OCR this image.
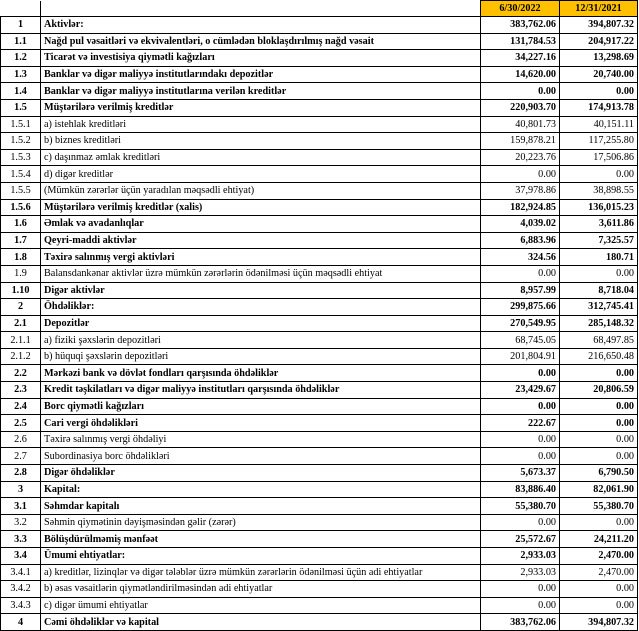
		6/30/2022	12/31/2021
1	Aktivlər:	383,762.06	394,807.32
1.1	Nağd pul vəsaitləri və ekvivalentləri, o cümlədən bloklaşdırılmış nağd vəsait	131,784.53	204,917.22
1.2	Ticarət və investisiya qiymətli kağızları	34,227.16	13,298.69
1.3	Banklar və digər maliyyə institutlarındakı depozitlər	14,620.00	20,740.00
1.4	Banklar və digər maliyyə institutlarına verilən kreditlər	0.00	0.00
1.5	Müştərilərə verilmiş kreditlər	220,903.70	174,913.78
1.5.1	a) istehlak kreditləri	40,801.73	40,151.11
1.5.2	b) biznes kreditləri	159,878.21	117,255.80
1.5.3	c) daşınmaz əmlak kreditləri	20,223.76	17,506.86
1.5.4	d) digər kreditlər	0.00	0.00
1.5.5	(Mümkün zərərlər üçün yaradılan məqsədli ehtiyat)	37,978.86	38,898.55
1.5.6	Müştərilərə verilmiş kreditlər (xalis)	182,924.85	136,015.23
1.6	Əmlak və avadanlıqlar	4,039.02	3,611.86
1.7	Qeyri-maddi aktivlər	6,883.96	7,325.57
1.8	Təxirə salınmış vergi aktivləri	324.56	180.71
1.9	Balansdankənar aktivlər üzrə mümkün zərərlərin ödənilməsi üçün məqsədli ehtiyat	0.00	0.00
1.10	Digər aktivlər	8,957.99	8,718.04
2	Öhdəliklər:	299,875.66	312,745.41
2.1	Depozitlər	270,549.95	285,148.32
2.1.1	a) fiziki şəxslərin depozitləri	68,745.05	68,497.85
2.1.2	b) hüquqi şəxslərin depozitləri	201,804.91	216,650.48
2.2	Mərkəzi bank və dövlət fondları qarşısında öhdəliklər	0.00	0.00
2.3	Kredit təşkilatları və digər maliyyə institutları qarşısında öhdəliklər	23,429.67	20,806.59
2.4	Borc qiymətli kağızları	0.00	0.00
2.5	Cari vergi öhdəlikləri	222.67	0.00
2.6	Təxirə salınmış vergi öhdəliyi	0.00	0.00
2.7	Subordinasiya borc öhdəlikləri	0.00	0.00
2.8	Digər öhdəliklər	5,673.37	6,790.50
3	Kapital:	83,886.40	82,061.90
3.1	Səhmdar kapitalı	55,380.70	55,380.70
3.2	Səhmin qiymətinin dəyişməsindən gəlir (zərər)	0.00	0.00
3.3	Bölüşdürülməmiş mənfəət	25,572.67	24,211.20
3.4	Ümumi ehtiyatlar:	2,933.03	2,470.00
3.4.1	a) kreditlər, lizinqlər və digər tələblər üzrə mümkün zərərlərin ödənilməsi üçün adi ehtiyatlar	2,933.03	2,470.00
3.4.2	b) əsas vəsaitlərin qiymətləndirilməsindən adi ehtiyatlar	0.00	0.00
3.4.3	c) digər ümumi ehtiyatlar	0.00	0.00
4	Cəmi öhdəliklər və kapital	383,762.06	394,807.32
